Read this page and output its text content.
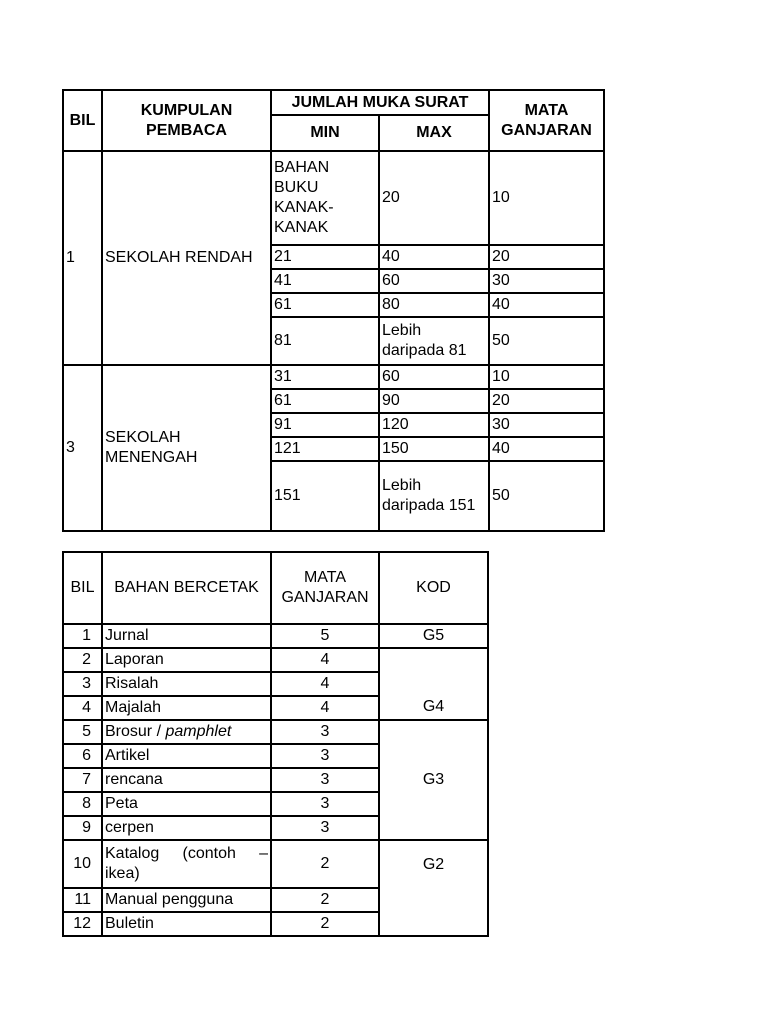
BIL	KUMPULAN PEMBACA	JUMLAH MUKA SURAT		MATA GANJARAN
		MIN	MAX	
1	SEKOLAH RENDAH	BAHAN BUKU KANAK-KANAK	20	10
		21	40	20
		41	60	30
		61	80	40
		81	Lebih daripada 81	50
3	SEKOLAH MENENGAH	31	60	10
		61	90	20
		91	120	30
		121	150	40
		151	Lebih daripada 151	50
BIL	BAHAN BERCETAK	MATA GANJARAN	KOD
1	Jurnal	5	G5
2	Laporan	4	G4
3	Risalah	4	
4	Majalah	4	
5	Brosur / pamphlet	3	G3
6	Artikel	3	
7	rencana	3	
8	Peta	3	
9	cerpen	3	
10	Katalog (contoh – ikea)	2	G2
11	Manual pengguna	2	
12	Buletin	2	
